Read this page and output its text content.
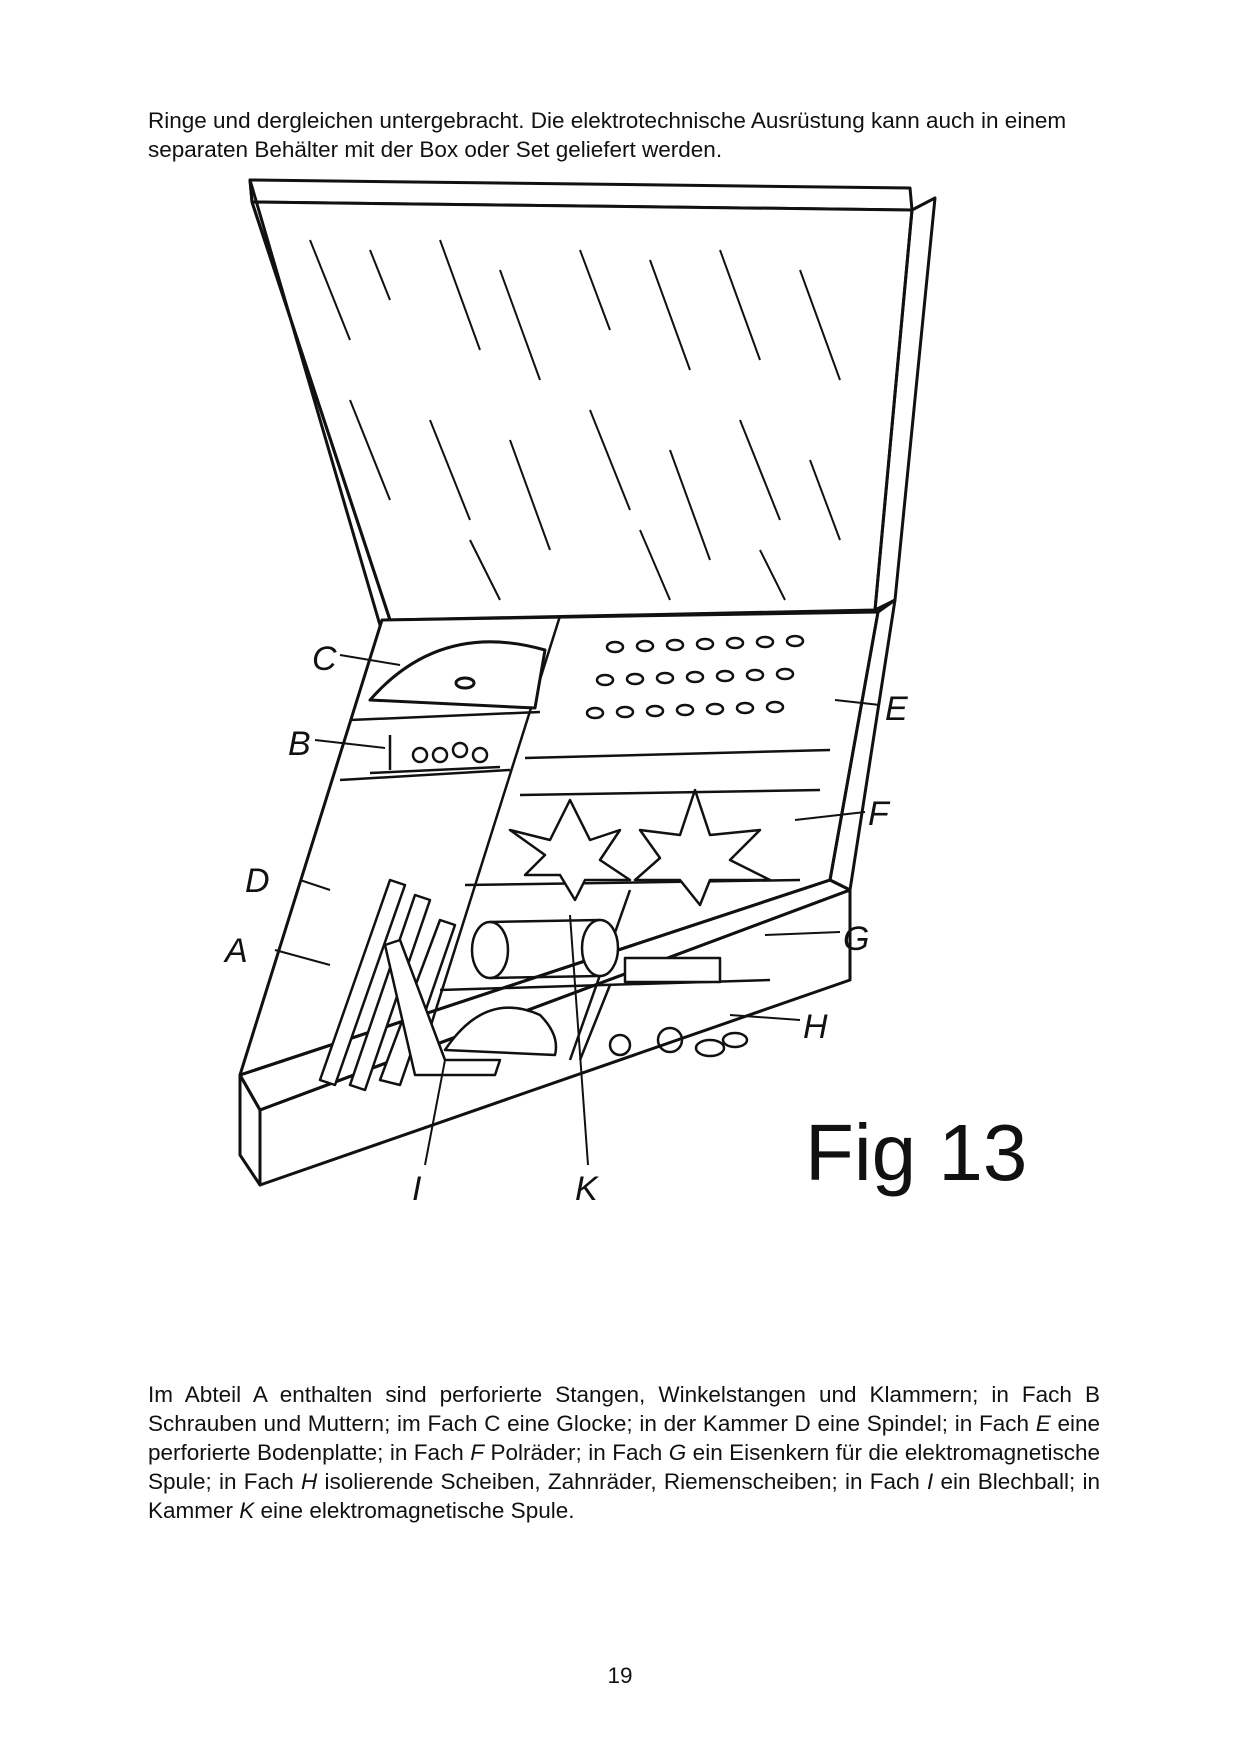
Ringe und dergleichen untergebracht. Die elektrotechnische Ausrüstung kann auch in einem separaten Behälter mit der Box oder Set geliefert werden.

C
B
D
A
E
F
G
H
I	K	Fig 13

Im Abteil A enthalten sind perforierte Stangen, Winkelstangen und Klammern; in Fach B Schrauben und Muttern; im Fach C eine Glocke; in der Kammer D eine Spindel; in Fach E eine perforierte Bodenplatte; in Fach F Polräder; in Fach G ein Eisenkern für die elektromagnetische Spule; in Fach H isolierende Scheiben, Zahnräder, Riemenscheiben; in Fach I ein Blechball; in Kammer K eine elektromagnetische Spule.

19
